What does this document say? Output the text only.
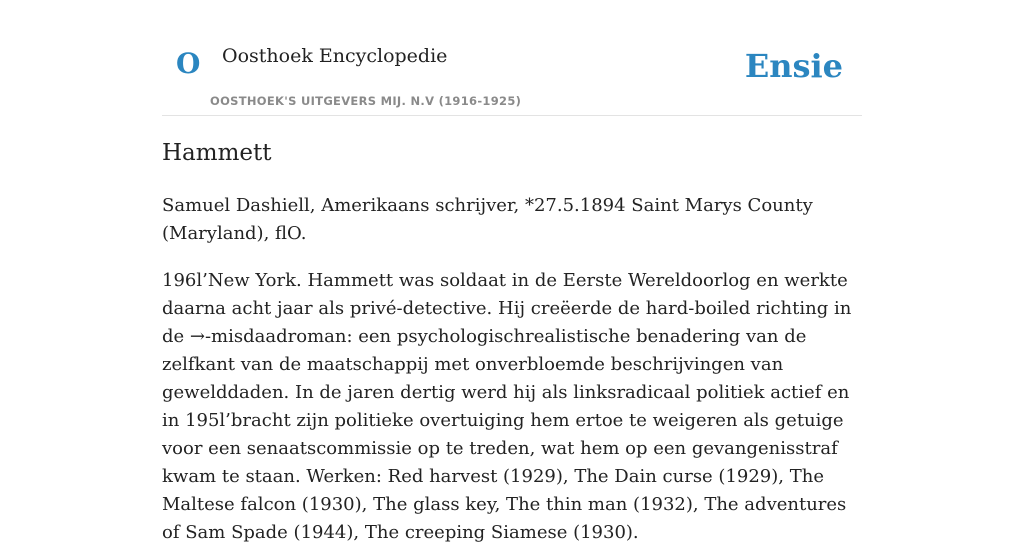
O Oosthoek Encyclopedie
OOSTHOEK'S UITGEVERS MIJ. N.V (1916-1925)
Ensie
Hammett

Samuel Dashiell, Amerikaans schrijver, *27.5.1894 Saint Marys County (Maryland), flO.

196l’New York. Hammett was soldaat in de Eerste Wereldoorlog en werkte daarna acht jaar als privé-detective. Hij creëerde de hard-boiled richting in de →-misdaadroman: een psychologischrealistische benadering van de zelfkant van de maatschappij met onverbloemde beschrijvingen van gewelddaden. In de jaren dertig werd hij als linksradicaal politiek actief en in 195l’bracht zijn politieke overtuiging hem ertoe te weigeren als getuige voor een senaatscommissie op te treden, wat hem op een gevangenisstraf kwam te staan. Werken: Red harvest (1929), The Dain curse (1929), The Maltese falcon (1930), The glass key, The thin man (1932), The adventures of Sam Spade (1944), The creeping Siamese (1930).
